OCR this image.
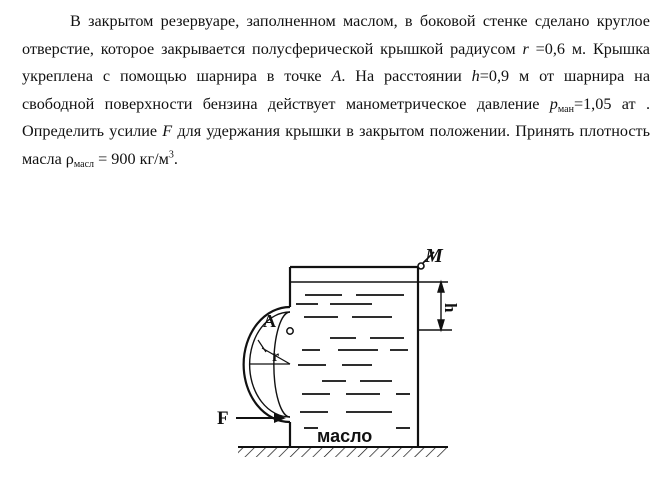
В закрытом резервуаре, заполненном маслом, в боковой стенке сделано круглое отверстие, которое закрывается полусферической крышкой радиусом r =0,6 м. Крышка укреплена с помощью шарнира в точке A. На расстоянии h=0,9 м от шарнира на свободной поверхности бензина действует манометрическое давление $p_{ман}=1,05$ ат . Определить усилие F для удержания крышки в закрытом положении. Принять плотность масла $\rho_{масл} = 900$ $кг/м^3$.

M
h
A
r
F
масло
